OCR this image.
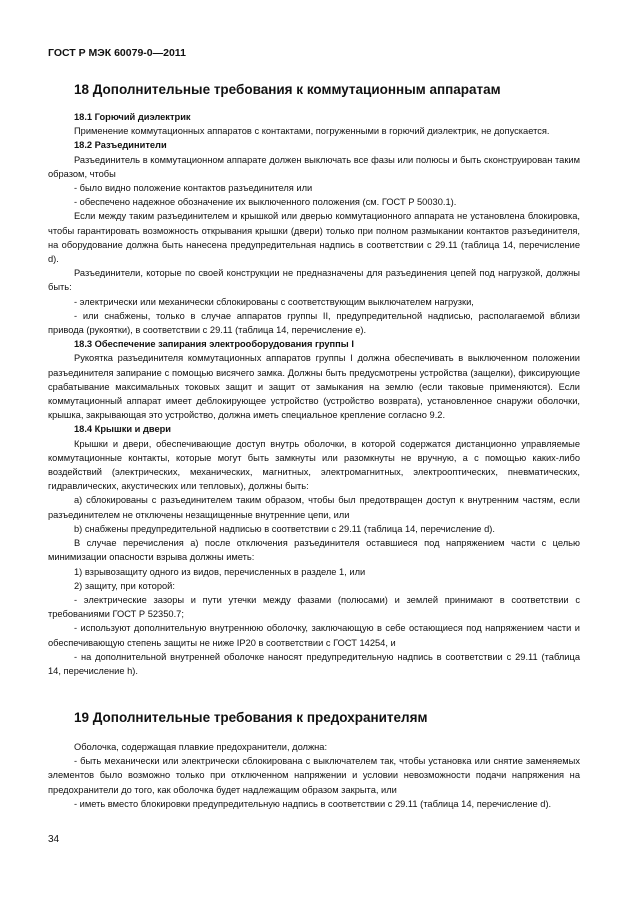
ГОСТ Р МЭК 60079-0—2011
18 Дополнительные требования к коммутационным аппаратам

18.1 Горючий диэлектрик

Применение коммутационных аппаратов с контактами, погруженными в горючий диэлектрик, не допускается.

18.2 Разъединители

Разъединитель в коммутационном аппарате должен выключать все фазы или полюсы и быть сконструирован таким образом, чтобы

- было видно положение контактов разъединителя или

- обеспечено надежное обозначение их выключенного положения (см. ГОСТ Р 50030.1).

Если между таким разъединителем и крышкой или дверью коммутационного аппарата не установлена блокировка, чтобы гарантировать возможность открывания крышки (двери) только при полном размыкании контактов разъединителя, на оборудование должна быть нанесена предупредительная надпись в соответствии с 29.11 (таблица 14, перечисление d).

Разъединители, которые по своей конструкции не предназначены для разъединения цепей под нагрузкой, должны быть:

- электрически или механически сблокированы с соответствующим выключателем нагрузки,

- или снабжены, только в случае аппаратов группы II, предупредительной надписью, располагаемой вблизи привода (рукоятки), в соответствии с 29.11 (таблица 14, перечисление e).

18.3 Обеспечение запирания электрооборудования группы I

Рукоятка разъединителя коммутационных аппаратов группы I должна обеспечивать в выключенном положении разъединителя запирание с помощью висячего замка. Должны быть предусмотрены устройства (защелки), фиксирующие срабатывание максимальных токовых защит и защит от замыкания на землю (если таковые применяются). Если коммутационный аппарат имеет деблокирующее устройство (устройство возврата), установленное снаружи оболочки, крышка, закрывающая это устройство, должна иметь специальное крепление согласно 9.2.

18.4 Крышки и двери

Крышки и двери, обеспечивающие доступ внутрь оболочки, в которой содержатся дистанционно управляемые коммутационные контакты, которые могут быть замкнуты или разомкнуты не вручную, а с помощью каких-либо воздействий (электрических, механических, магнитных, электромагнитных, электрооптических, пневматических, гидравлических, акустических или тепловых), должны быть:

а) сблокированы с разъединителем таким образом, чтобы был предотвращен доступ к внутренним частям, если разъединителем не отключены незащищенные внутренние цепи, или

b) снабжены предупредительной надписью в соответствии с 29.11 (таблица 14, перечисление d).

В случае перечисления а) после отключения разъединителя оставшиеся под напряжением части с целью минимизации опасности взрыва должны иметь:

1) взрывозащиту одного из видов, перечисленных в разделе 1, или

2) защиту, при которой:

- электрические зазоры и пути утечки между фазами (полюсами) и землей принимают в соответствии с требованиями ГОСТ Р 52350.7;

- используют дополнительную внутреннюю оболочку, заключающую в себе остающиеся под напряжением части и обеспечивающую степень защиты не ниже IP20 в соответствии с ГОСТ 14254, и

- на дополнительной внутренней оболочке наносят предупредительную надпись в соответствии с 29.11 (таблица 14, перечисление h).

19 Дополнительные требования к предохранителям

Оболочка, содержащая плавкие предохранители, должна:

- быть механически или электрически сблокирована с выключателем так, чтобы установка или снятие заменяемых элементов было возможно только при отключенном напряжении и условии невозможности подачи напряжения на предохранители до того, как оболочка будет надлежащим образом закрыта, или

- иметь вместо блокировки предупредительную надпись в соответствии с 29.11 (таблица 14, перечисление d).

34
